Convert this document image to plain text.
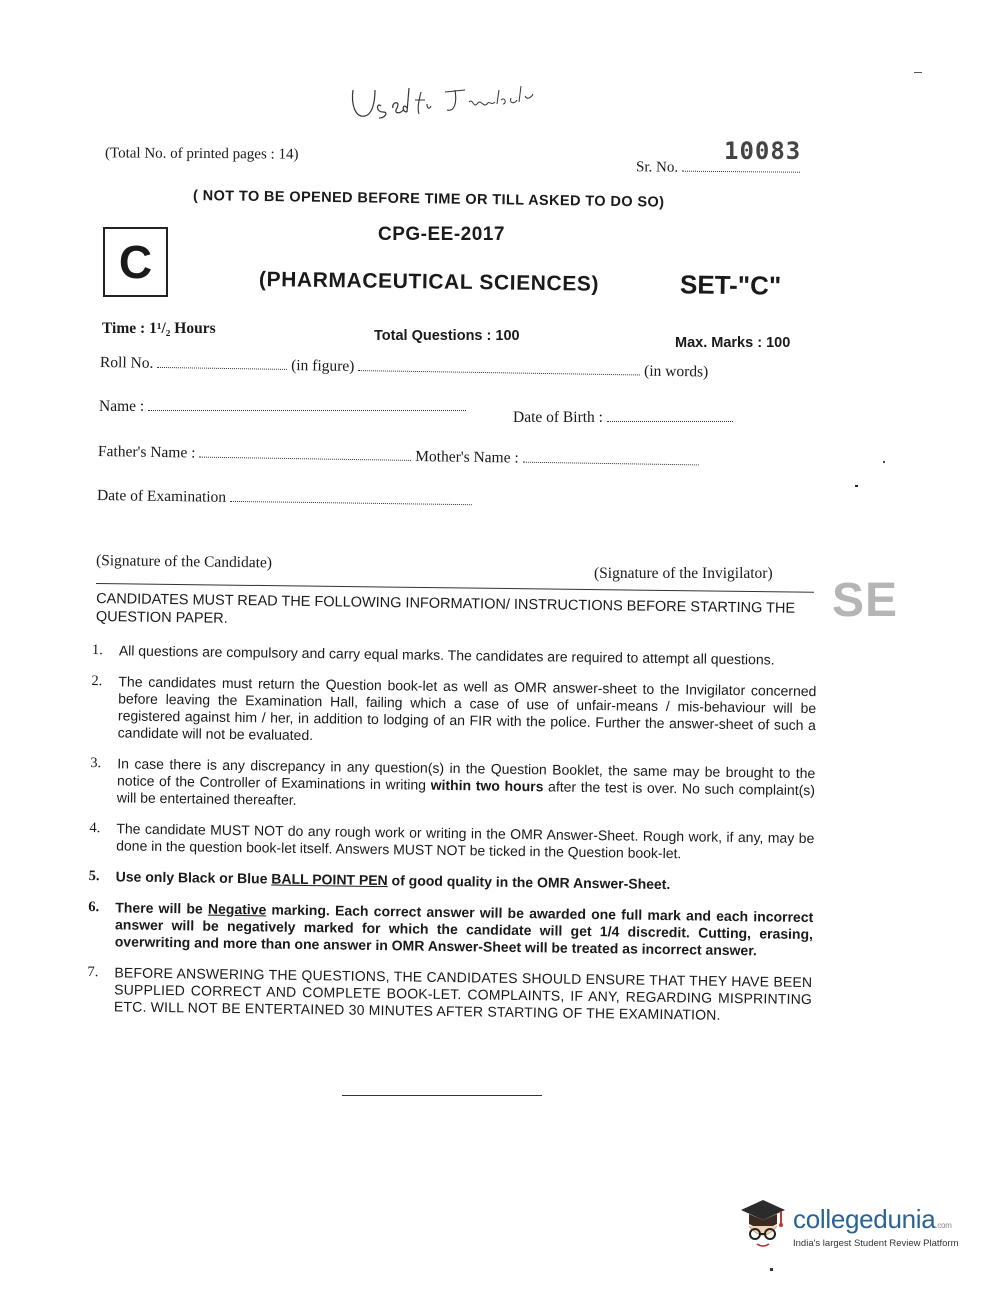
(Total No. of printed pages : 14)	10083
Sr. No.
( NOT TO BE OPENED BEFORE TIME OR TILL ASKED TO DO SO)
C
CPG-EE-2017
(PHARMACEUTICAL SCIENCES)	SET-"C"
Time : 1¹/₂ Hours	Total Questions : 100	Max. Marks : 100
Roll No.	(in figure)	(in words)
Name :
Date of Birth :
Father's Name :	Mother's Name :
Date of Examination
(Signature of the Candidate)
(Signature of the Invigilator)
CANDIDATES MUST READ THE FOLLOWING INFORMATION/ INSTRUCTIONS BEFORE STARTING THE QUESTION PAPER.	SE
1.	All questions are compulsory and carry equal marks. The candidates are required to attempt all questions.
2.	The candidates must return the Question book-let as well as OMR answer-sheet to the Invigilator concerned before leaving the Examination Hall, failing which a case of use of unfair-means / mis-behaviour will be registered against him / her, in addition to lodging of an FIR with the police. Further the answer-sheet of such a candidate will not be evaluated.
3.	In case there is any discrepancy in any question(s) in the Question Booklet, the same may be brought to the notice of the Controller of Examinations in writing within two hours after the test is over. No such complaint(s) will be entertained thereafter.
4.	The candidate MUST NOT do any rough work or writing in the OMR Answer-Sheet. Rough work, if any, may be done in the question book-let itself. Answers MUST NOT be ticked in the Question book-let.
5.	Use only Black or Blue BALL POINT PEN of good quality in the OMR Answer-Sheet.
6.	There will be Negative marking. Each correct answer will be awarded one full mark and each incorrect answer will be negatively marked for which the candidate will get 1/4 discredit. Cutting, erasing, overwriting and more than one answer in OMR Answer-Sheet will be treated as incorrect answer.
7.	BEFORE ANSWERING THE QUESTIONS, THE CANDIDATES SHOULD ENSURE THAT THEY HAVE BEEN SUPPLIED CORRECT AND COMPLETE BOOK-LET. COMPLAINTS, IF ANY, REGARDING MISPRINTING ETC. WILL NOT BE ENTERTAINED 30 MINUTES AFTER STARTING OF THE EXAMINATION.
collegedunia.com
India's largest Student Review Platform
